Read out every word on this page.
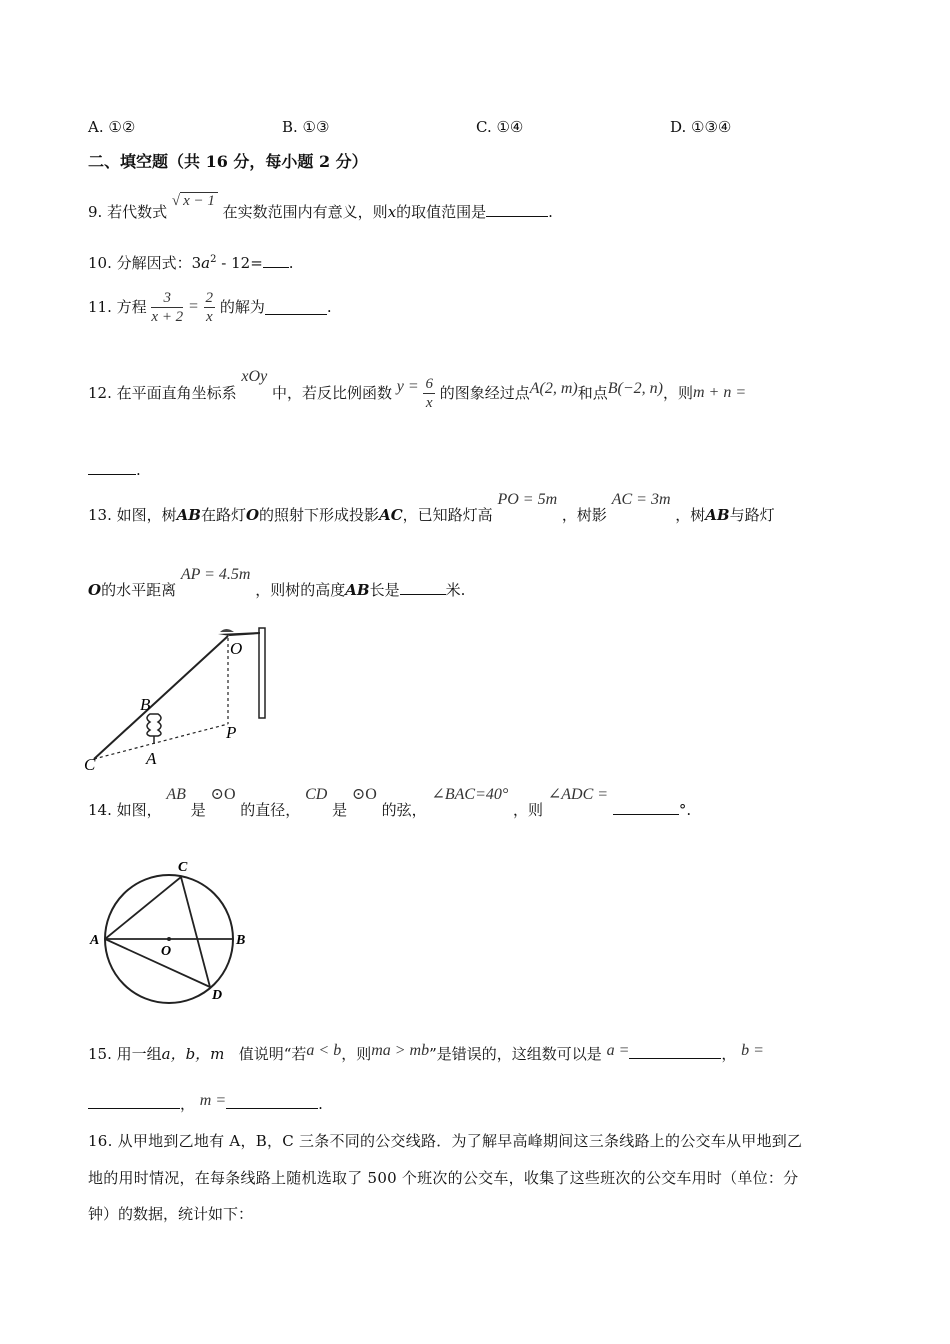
A. ①②	B. ①③	C. ①④	D. ①③④
二、填空题（共 16 分，每小题 2 分）
9. 若代数式 √ x − 1 在实数范围内有意义，则x的取值范围是	.
10. 分解因式：$3a^2 - 12=$ .
11. 方程 $\frac{3}{x + 2} = \frac{2}{x}$ 的解为	.
12. 在平面直角坐标系 xOy 中，若反比例函数 $y = \frac{6}{x}$ 的图象经过点A(2, m)和点B(−2, n)，则m + n =
.
13. 如图，树AB在路灯O的照射下形成投影AC，已知路灯高 PO = 5m ，树影 AC = 3m ，树AB与路灯
O的水平距离 AP = 4.5m ，则树的高度AB长是	米.
O
B
P
A
C
14. 如图， AB 是 ⊙O 的直径， CD 是 ⊙O 的弦， ∠BAC=40° ，则 ∠ADC = °.
C
A
O
B
D
15. 用一组a，b，m 值说明“若a < b，则ma > mb”是错误的，这组数可以是 a =	， b =
， m =	.
16. 从甲地到乙地有 A，B，C 三条不同的公交线路．为了解早高峰期间这三条线路上的公交车从甲地到乙
地的用时情况，在每条线路上随机选取了 500 个班次的公交车，收集了这些班次的公交车用时（单位：分
钟）的数据，统计如下：
